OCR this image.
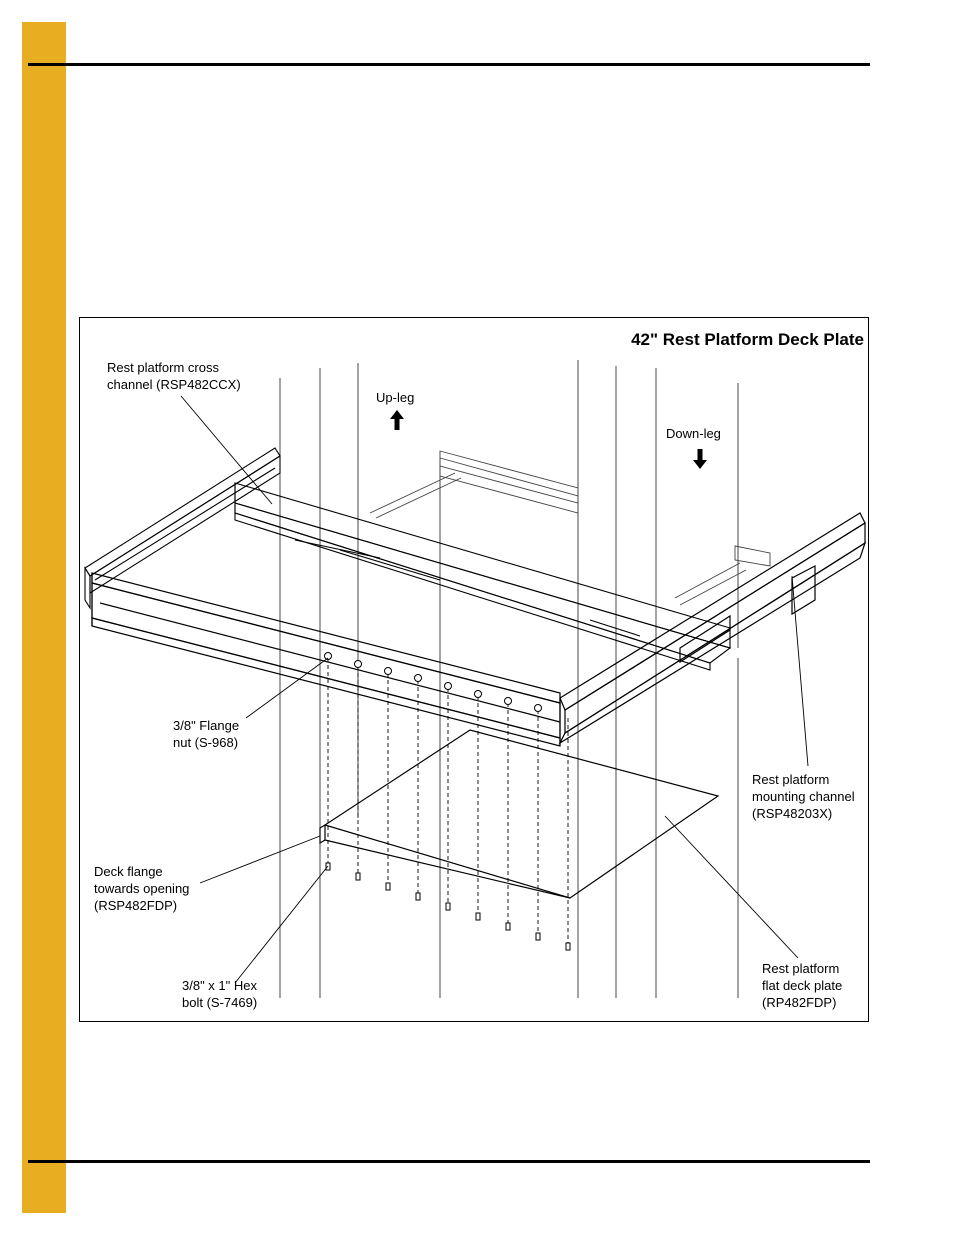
42" Rest Platform Deck Plate
Rest platform cross
channel (RSP482CCX)
Up-leg
Down-leg
3/8" Flange
nut (S-968)
Rest platform
mounting channel
(RSP48203X)
Deck flange
towards opening
(RSP482FDP)
3/8" x 1" Hex
bolt (S-7469)
Rest platform
flat deck plate
(RP482FDP)
